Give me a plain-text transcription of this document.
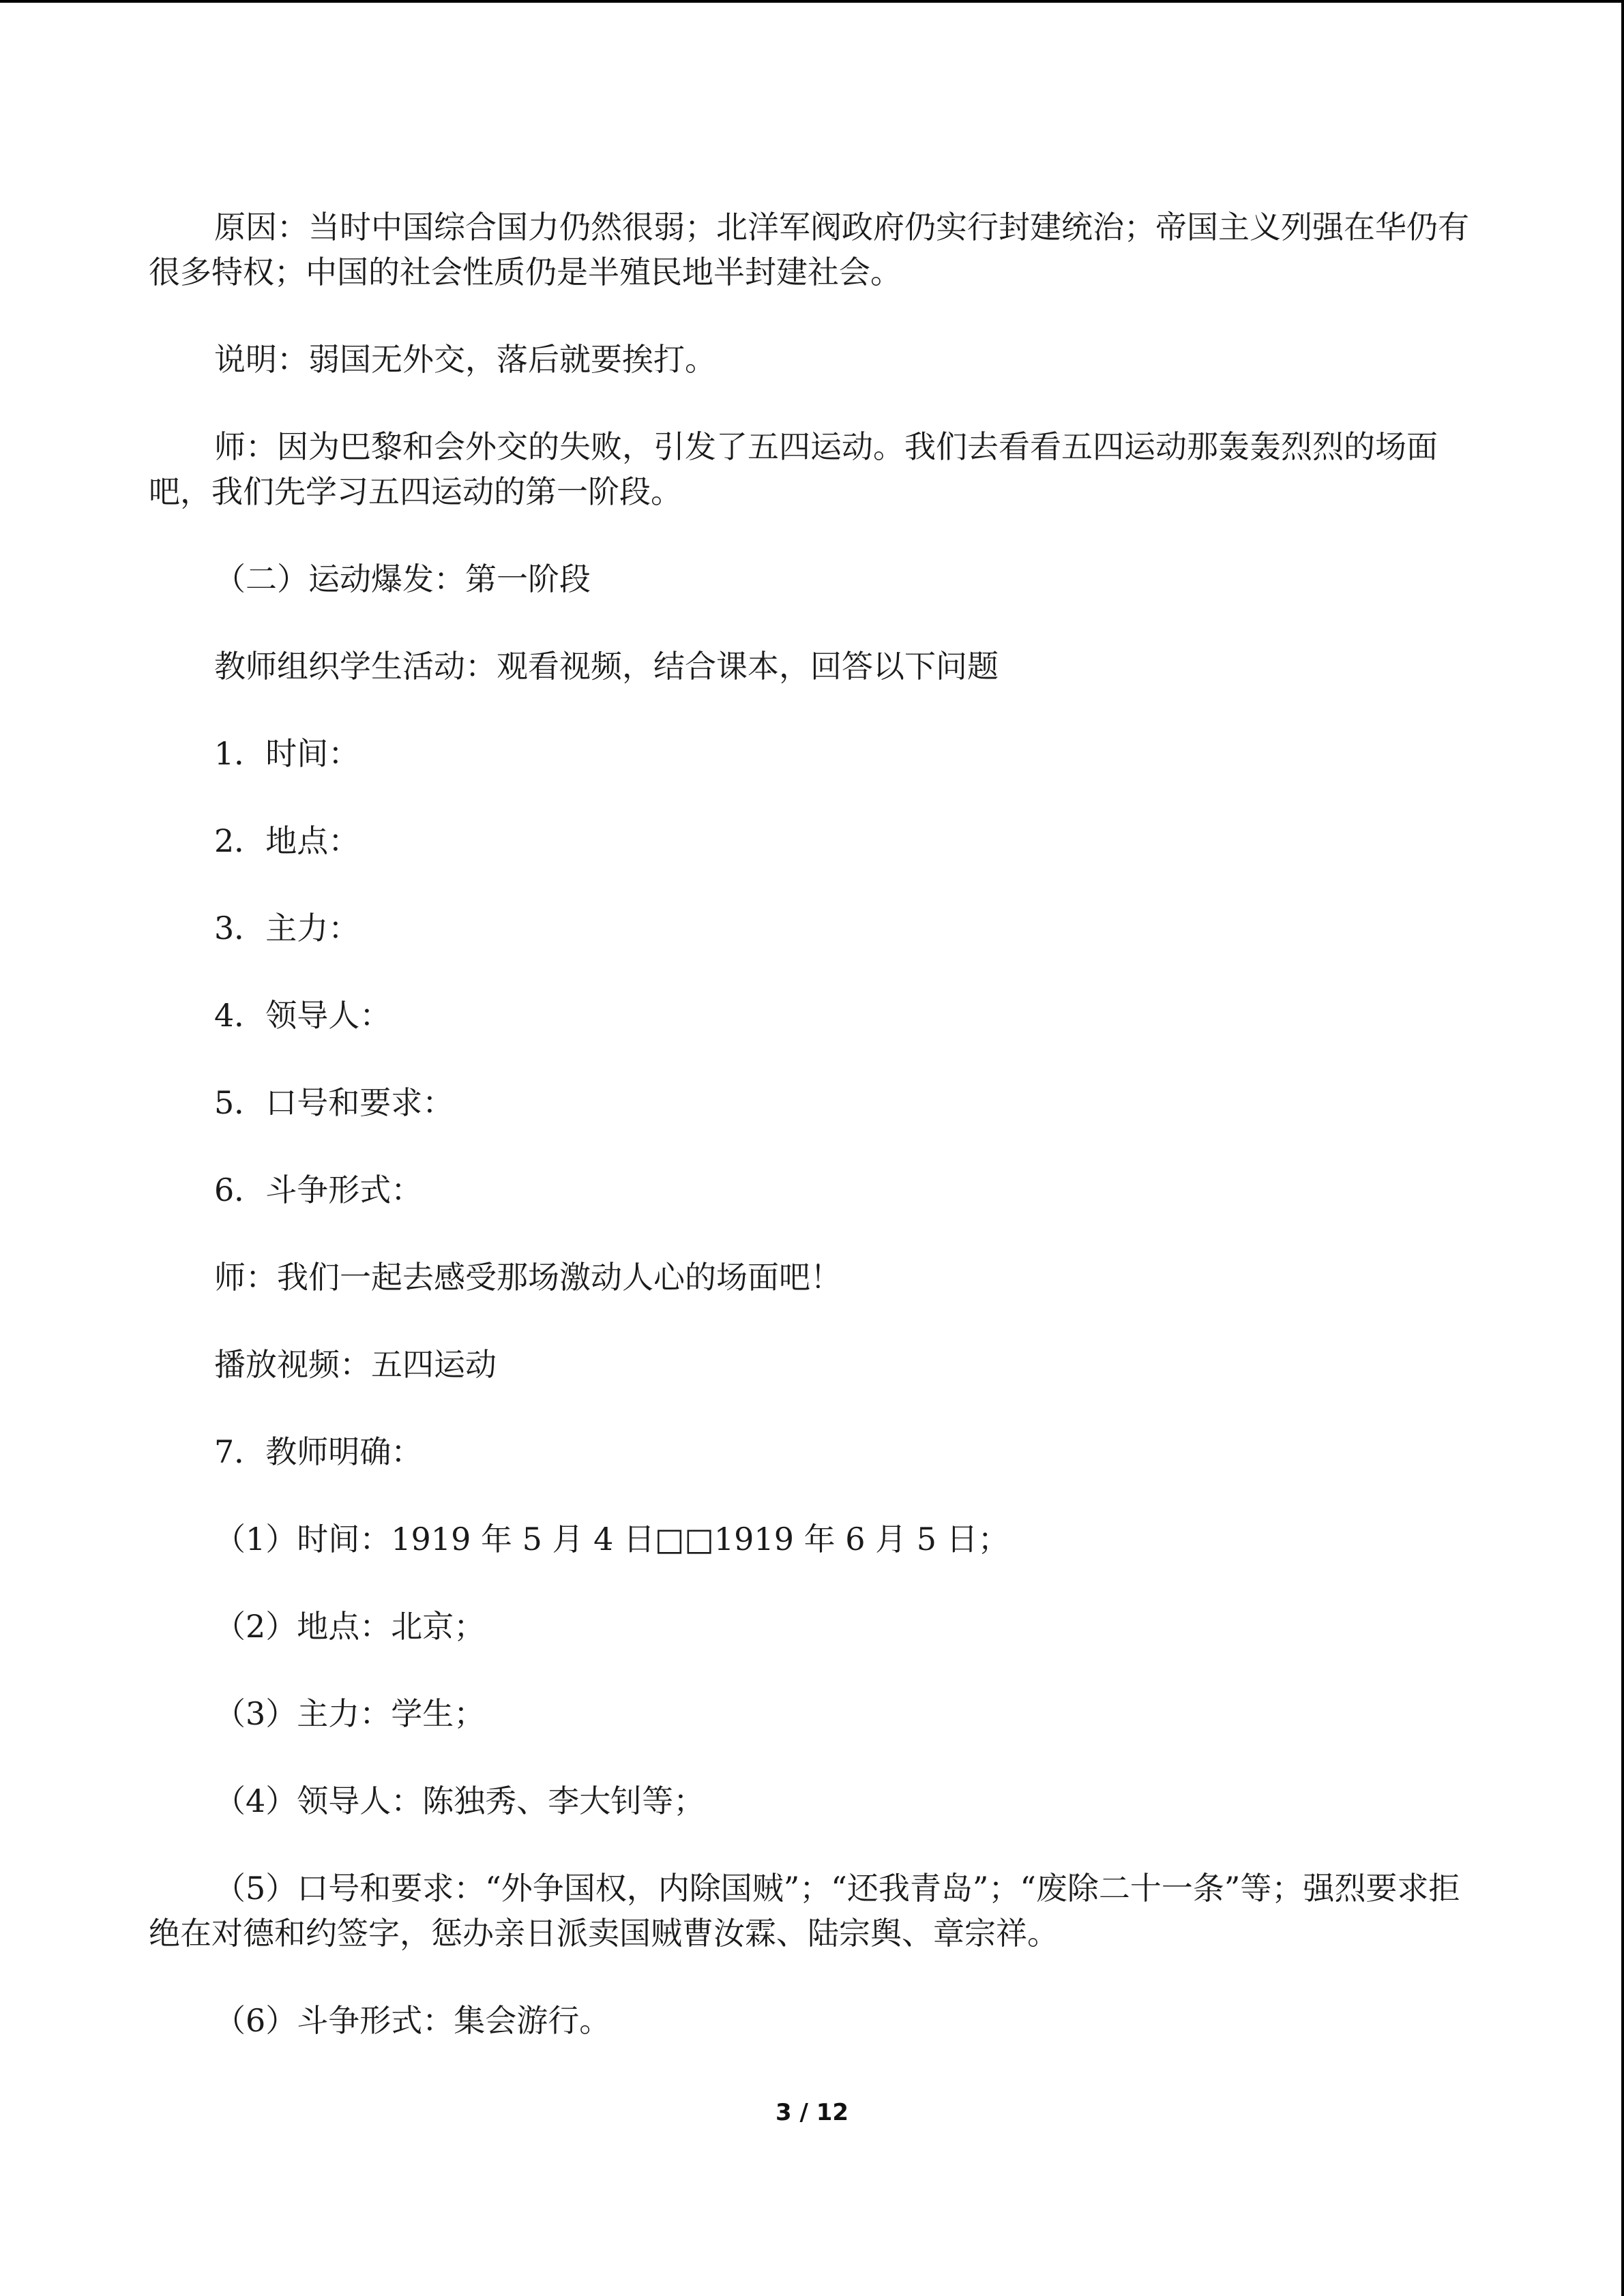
原因：当时中国综合国力仍然很弱；北洋军阀政府仍实行封建统治；帝国主义列强在华仍有很多特权；中国的社会性质仍是半殖民地半封建社会。

说明：弱国无外交，落后就要挨打。

师：因为巴黎和会外交的失败，引发了五四运动。我们去看看五四运动那轰轰烈烈的场面吧，我们先学习五四运动的第一阶段。

（二）运动爆发：第一阶段

教师组织学生活动：观看视频，结合课本，回答以下问题

1．时间：

2．地点：

3．主力：

4．领导人：

5．口号和要求：

6．斗争形式：

师：我们一起去感受那场激动人心的场面吧！

播放视频：五四运动

7．教师明确：

（1）时间：1919 年 5 月 4 日□□1919 年 6 月 5 日；

（2）地点：北京；

（3）主力：学生；

（4）领导人：陈独秀、李大钊等；

（5）口号和要求：“外争国权，内除国贼”；“还我青岛”；“废除二十一条”等；强烈要求拒绝在对德和约签字，惩办亲日派卖国贼曹汝霖、陆宗舆、章宗祥。

（6）斗争形式：集会游行。

3 / 12
